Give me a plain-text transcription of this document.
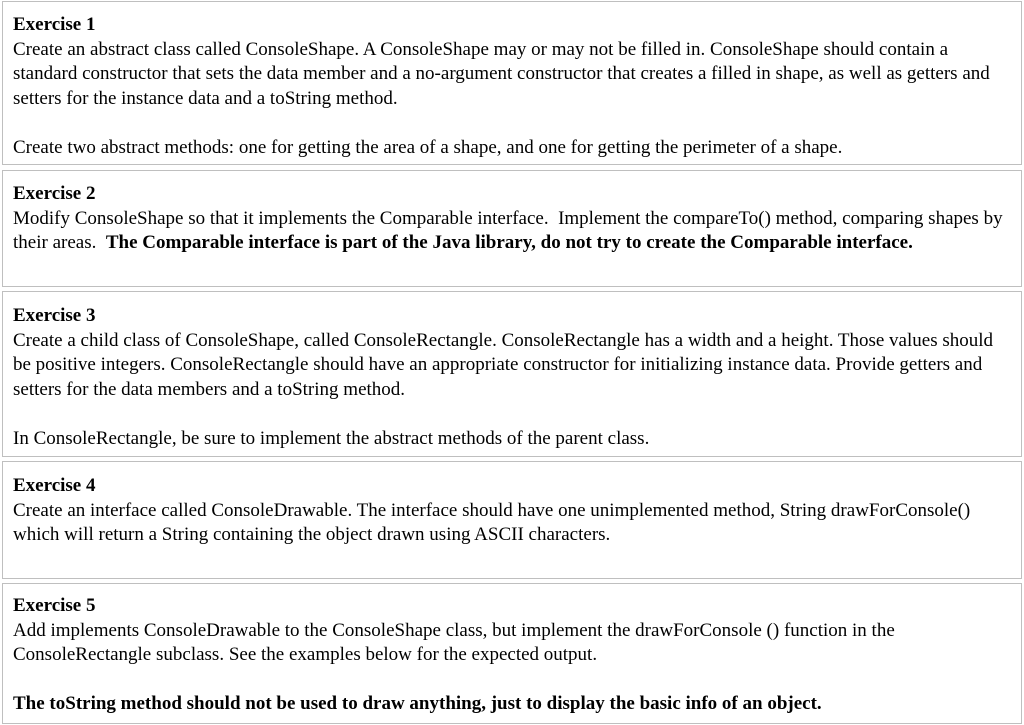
Exercise 1

Create an abstract class called ConsoleShape. A ConsoleShape may or may not be filled in. ConsoleShape should contain a standard constructor that sets the data member and a no-argument constructor that creates a filled in shape, as well as getters and setters for the instance data and a toString method.

Create two abstract methods: one for getting the area of a shape, and one for getting the perimeter of a shape.

Exercise 2

Modify ConsoleShape so that it implements the Comparable interface.  Implement the compareTo() method, comparing shapes by their areas.  The Comparable interface is part of the Java library, do not try to create the Comparable interface.

Exercise 3

Create a child class of ConsoleShape, called ConsoleRectangle. ConsoleRectangle has a width and a height. Those values should be positive integers. ConsoleRectangle should have an appropriate constructor for initializing instance data. Provide getters and setters for the data members and a toString method.

In ConsoleRectangle, be sure to implement the abstract methods of the parent class.

Exercise 4

Create an interface called ConsoleDrawable. The interface should have one unimplemented method, String drawForConsole() which will return a String containing the object drawn using ASCII characters.

Exercise 5

Add implements ConsoleDrawable to the ConsoleShape class, but implement the drawForConsole () function in the ConsoleRectangle subclass. See the examples below for the expected output.

The toString method should not be used to draw anything, just to display the basic info of an object.
